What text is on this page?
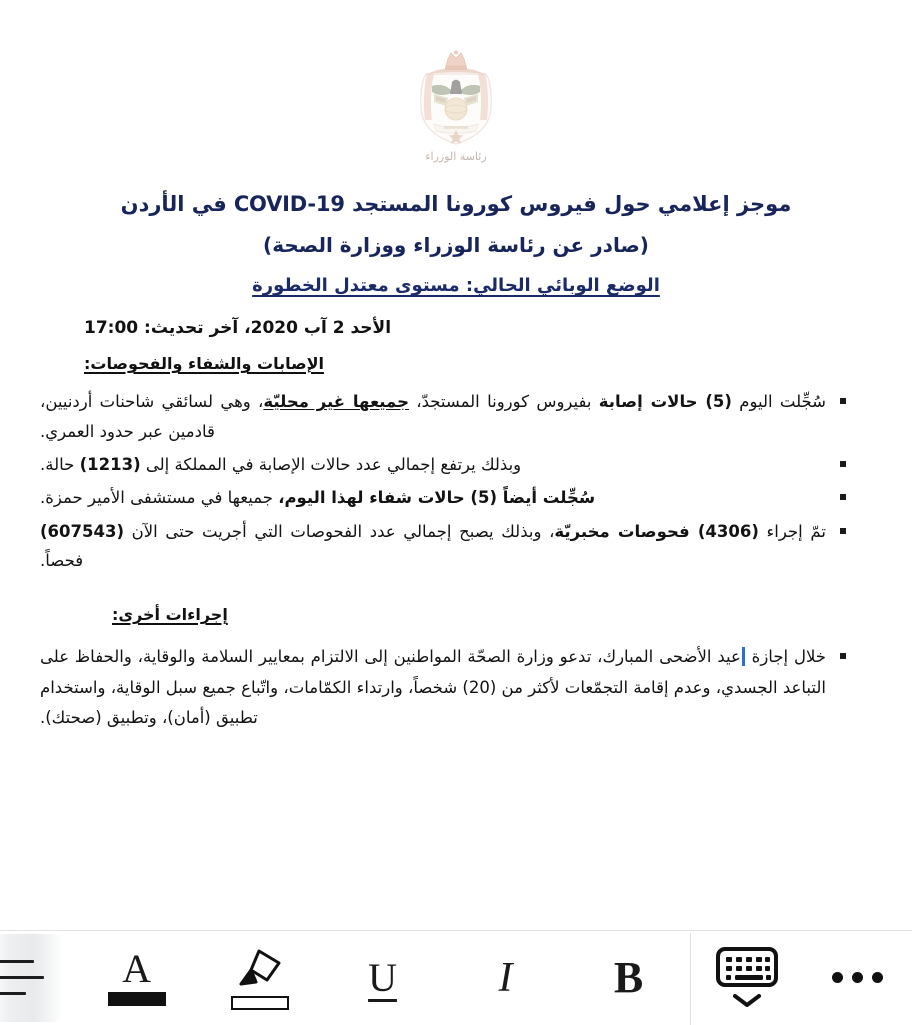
رئاسة الوزراء
موجز إعلامي حول فيروس كورونا المستجد COVID-19 في الأردن
(صادر عن رئاسة الوزراء ووزارة الصحة)
الوضع الوبائي الحالي: مستوى معتدل الخطورة
الأحد 2 آب 2020، آخر تحديث: 17:00
الإصابات والشفاء والفحوصات:
سُجِّلت اليوم (5) حالات إصابة بفيروس كورونا المستجدّ، جميعها غير محليّة، وهي لسائقي شاحنات أردنيين، قادمين عبر حدود العمري.
وبذلك يرتفع إجمالي عدد حالات الإصابة في المملكة إلى (1213) حالة.
سُجِّلت أيضاً (5) حالات شفاء لهذا اليوم، جميعها في مستشفى الأمير حمزة.
تمّ إجراء (4306) فحوصات مخبريّة، وبذلك يصبح إجمالي عدد الفحوصات التي أجريت حتى الآن (607543) فحصاً.
إجراءات أخرى:
خلال إجازة عيد الأضحى المبارك، تدعو وزارة الصحّة المواطنين إلى الالتزام بمعايير السلامة والوقاية، والحفاظ على التباعد الجسدي، وعدم إقامة التجمّعات لأكثر من (20) شخصاً، وارتداء الكمّامات، واتّباع جميع سبل الوقاية، واستخدام تطبيق (أمان)، وتطبيق (صحتك).
B
I
U
A
